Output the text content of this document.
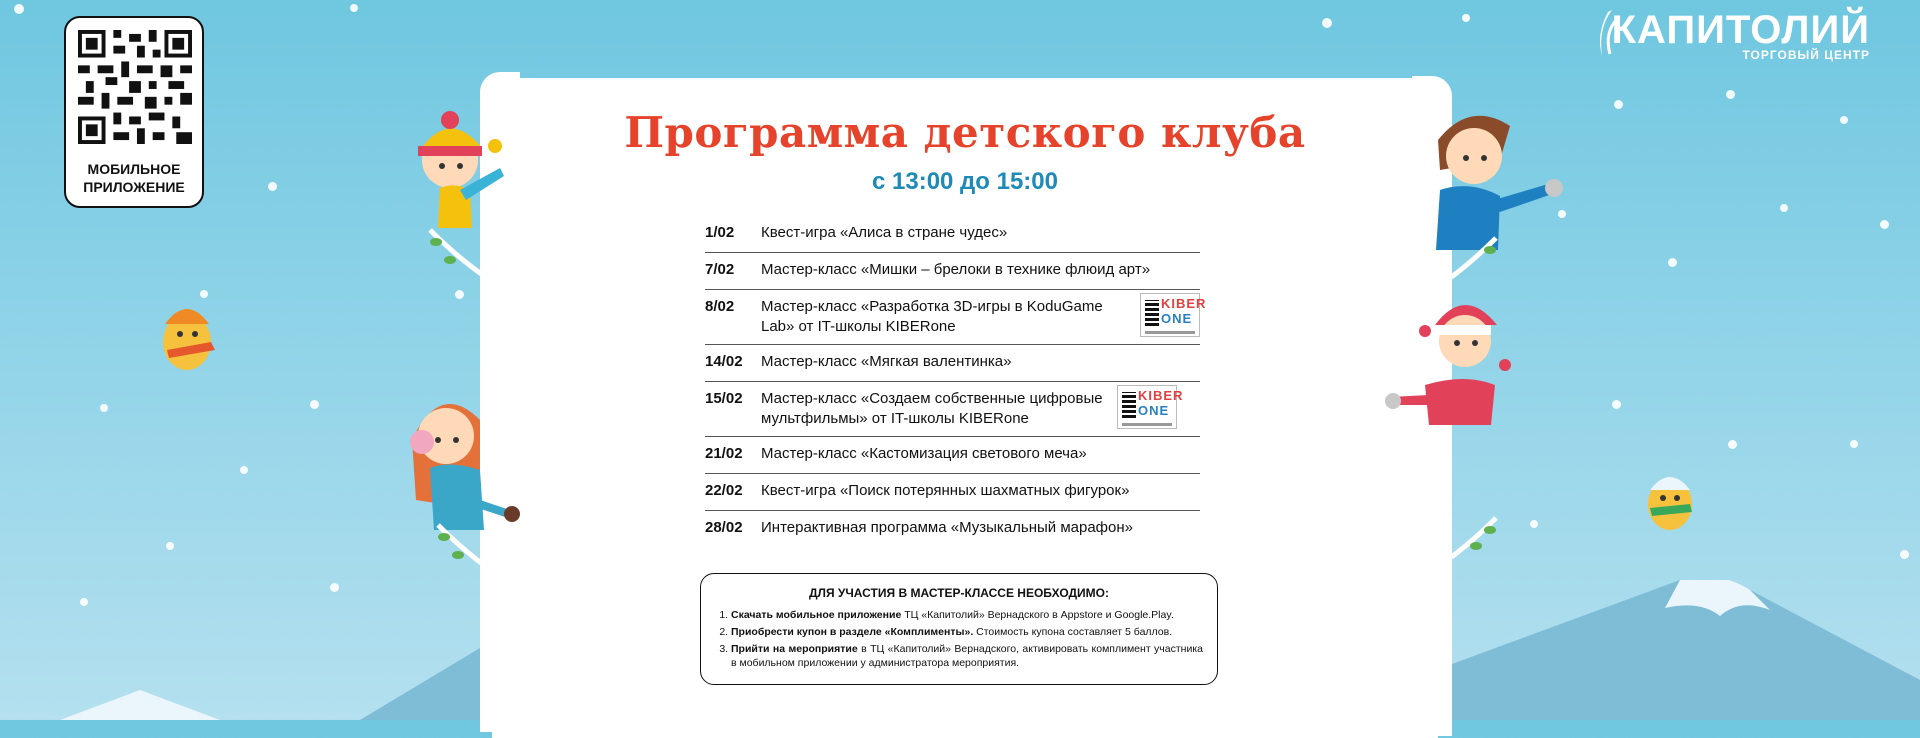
МОБИЛЬНОЕ
ПРИЛОЖЕНИЕ
КАПИТОЛИЙ
ТОРГОВЫЙ ЦЕНТР
Программа детского клуба
с 13:00 до 15:00
1/02	Квест-игра «Алиса в стране чудес»
7/02	Мастер-класс «Мишки – брелоки в технике флюид арт»
8/02	Мастер-класс «Разработка 3D-игры в KoduGame Lab» от IT-школы KIBERone
KIBER
ONE
14/02	Мастер-класс «Мягкая валентинка»
15/02	Мастер-класс «Создаем собственные цифровые мультфильмы» от IT-школы KIBERone
KIBER
ONE
21/02	Мастер-класс «Кастомизация светового меча»
22/02	Квест-игра «Поиск потерянных шахматных фигурок»
28/02	Интерактивная программа «Музыкальный марафон»
ДЛЯ УЧАСТИЯ В МАСТЕР-КЛАССЕ НЕОБХОДИМО:
1. Скачать мобильное приложение ТЦ «Капитолий» Вернадского в Appstore и Google.Play.
2. Приобрести купон в разделе «Комплименты». Стоимость купона составляет 5 баллов.
3. Прийти на мероприятие в ТЦ «Капитолий» Вернадского, активировать комплимент участника в мобильном приложении у администратора мероприятия.
